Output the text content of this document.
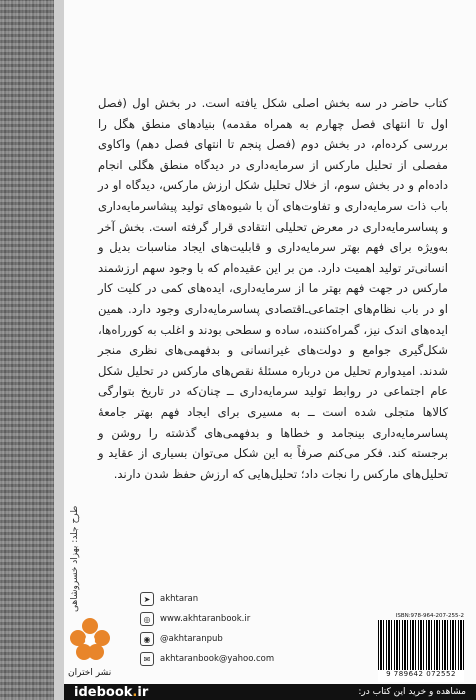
کتاب حاضر در سه بخش اصلی شکل یافته است. در بخش اول (فصل اول تا انتهای فصل چهارم به همراه مقدمه) بنیادهای منطق هگل را بررسی کرده‌ام، در بخش دوم (فصل پنجم تا انتهای فصل دهم) واکاوی مفصلی از تحلیل مارکس از سرمایه‌داری در دیدگاه منطق هگلی انجام داده‌ام و در بخش سوم، از خلال تحلیل شکل ارزش مارکس، دیدگاه او در باب ذات سرمایه‌داری و تفاوت‌های آن با شیوه‌های تولید پیشاسرمایه‌داری و پساسرمایه‌داری در معرض تحلیلی انتقادی قرار گرفته است. بخش آخر به‌ویژه برای فهم بهتر سرمایه‌داری و قابلیت‌های ایجاد مناسبات بدیل و انسانی‌تر تولید اهمیت دارد. من بر این عقیده‌ام که با وجود سهم ارزشمند مارکس در جهت فهم بهتر ما از سرمایه‌داری، ایده‌های کمی در کلیت کار او در باب نظام‌های اجتماعی‌ـ‌اقتصادی پساسرمایه‌داری وجود دارد. همین ایده‌های اندک نیز، گمراه‌کننده، ساده و سطحی بودند و اغلب به کورراه‌ها، شکل‌گیری جوامع و دولت‌های غیرانسانی و بدفهمی‌های نظری منجر شدند. امیدوارم تحلیل من درباره مسئلهٔ نقص‌های مارکس در تحلیل شکل عام اجتماعی در روابط تولید سرمایه‌داری ــ چنان‌که در تاریخ بتوارگی کالاها متجلی شده است ــ به مسیری برای ایجاد فهم بهتر جامعهٔ پساسرمایه‌داری بینجامد و خطاها و بدفهمی‌های گذشته را روشن و برجسته کند. فکر می‌کنم صرفاً به این شکل می‌توان بسیاری از عقاید و تحلیل‌های مارکس را نجات داد؛ تحلیل‌هایی که ارزش حفظ شدن دارند.

طرح جلد: بهزاد خسروشاهی
نشر اختران
➤	akhtaran
◎	www.akhtaranbook.ir
◉	@akhtaranpub
✉	akhtaranbook@yahoo.com
ISBN:978-964-207-255-2
9 789642 072552
idebook.ir	مشاهده و خرید این کتاب در:
